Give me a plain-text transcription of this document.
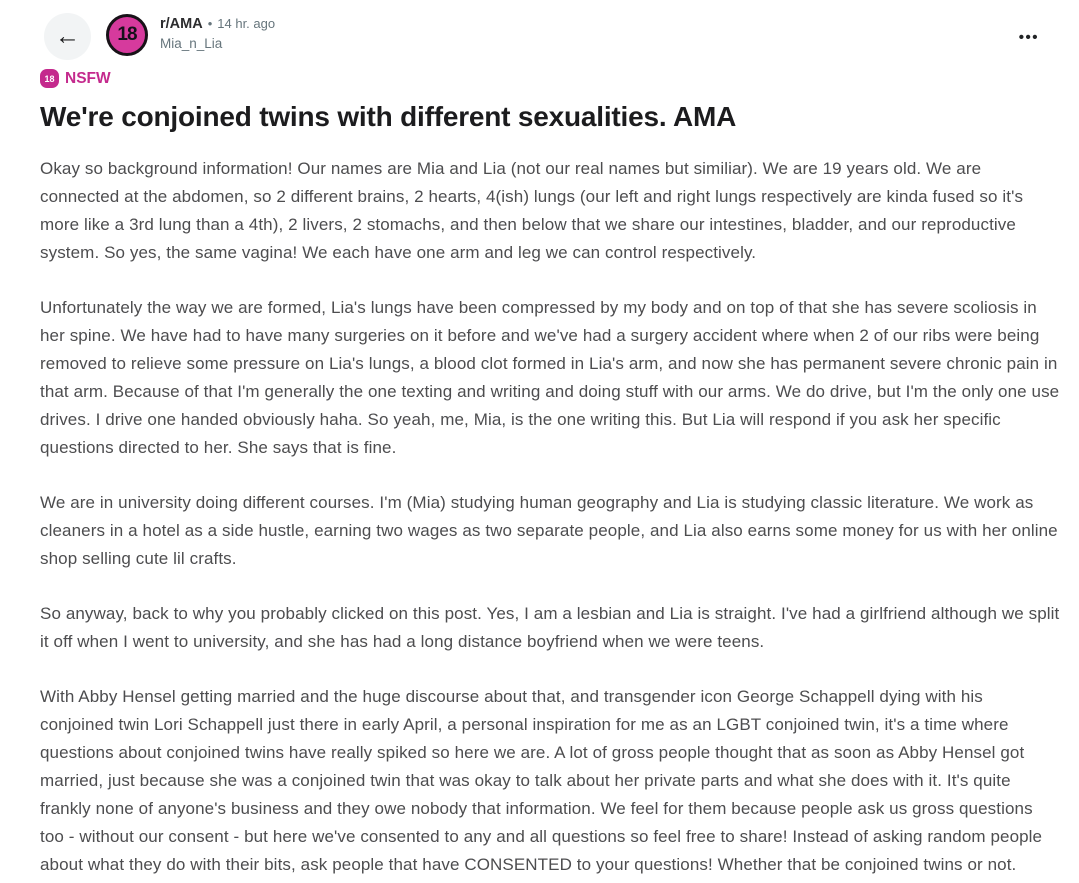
←	18 r/AMA • 14 hr. ago
Mia_n_Lia	•••
18 NSFW
We're conjoined twins with different sexualities. AMA

Okay so background information! Our names are Mia and Lia (not our real names but similiar). We are 19 years old. We are connected at the abdomen, so 2 different brains, 2 hearts, 4(ish) lungs (our left and right lungs respectively are kinda fused so it's more like a 3rd lung than a 4th), 2 livers, 2 stomachs, and then below that we share our intestines, bladder, and our reproductive system. So yes, the same vagina! We each have one arm and leg we can control respectively.

Unfortunately the way we are formed, Lia's lungs have been compressed by my body and on top of that she has severe scoliosis in her spine. We have had to have many surgeries on it before and we've had a surgery accident where when 2 of our ribs were being removed to relieve some pressure on Lia's lungs, a blood clot formed in Lia's arm, and now she has permanent severe chronic pain in that arm. Because of that I'm generally the one texting and writing and doing stuff with our arms. We do drive, but I'm the only one use drives. I drive one handed obviously haha. So yeah, me, Mia, is the one writing this. But Lia will respond if you ask her specific questions directed to her. She says that is fine.

We are in university doing different courses. I'm (Mia) studying human geography and Lia is studying classic literature. We work as cleaners in a hotel as a side hustle, earning two wages as two separate people, and Lia also earns some money for us with her online shop selling cute lil crafts.

So anyway, back to why you probably clicked on this post. Yes, I am a lesbian and Lia is straight. I've had a girlfriend although we split it off when I went to university, and she has had a long distance boyfriend when we were teens.

With Abby Hensel getting married and the huge discourse about that, and transgender icon George Schappell dying with his conjoined twin Lori Schappell just there in early April, a personal inspiration for me as an LGBT conjoined twin, it's a time where questions about conjoined twins have really spiked so here we are. A lot of gross people thought that as soon as Abby Hensel got married, just because she was a conjoined twin that was okay to talk about her private parts and what she does with it. It's quite frankly none of anyone's business and they owe nobody that information. We feel for them because people ask us gross questions too - without our consent - but here we've consented to any and all questions so feel free to share! Instead of asking random people about what they do with their bits, ask people that have CONSENTED to your questions! Whether that be conjoined twins or not.
